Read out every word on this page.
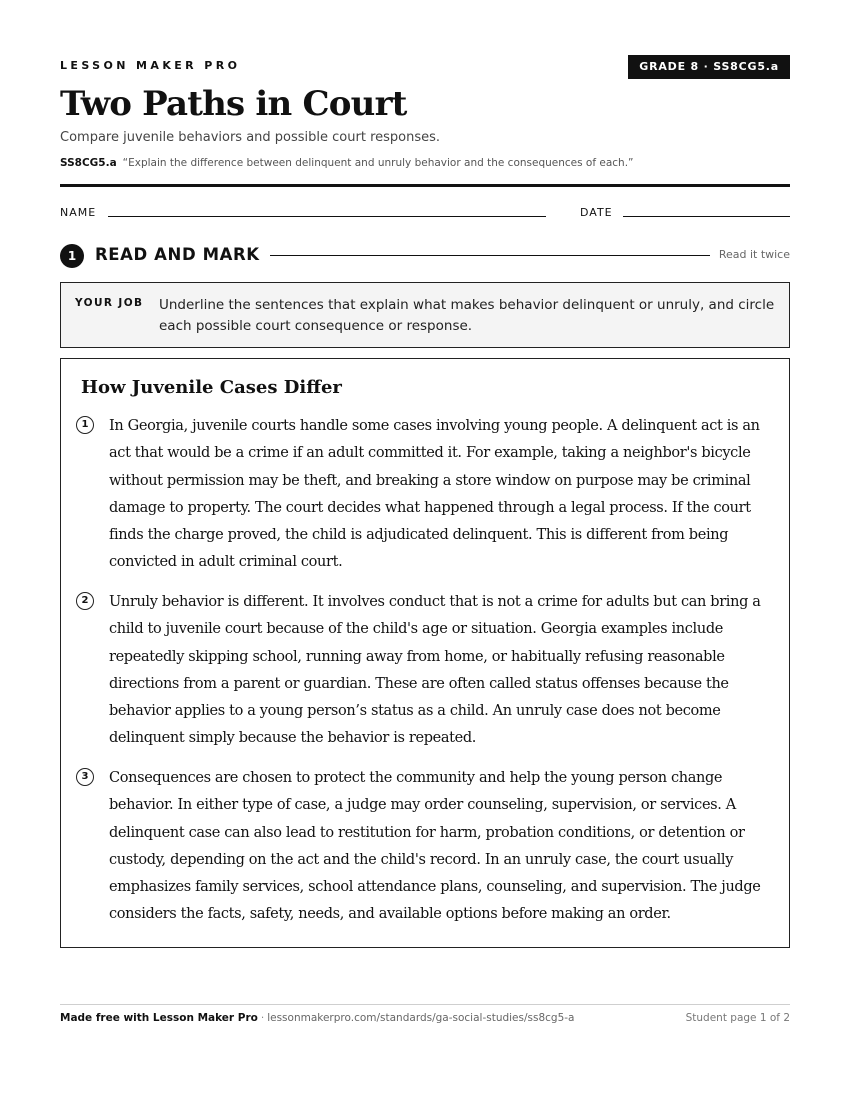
LESSON MAKER PRO	GRADE 8 · SS8CG5.a
Two Paths in Court
Compare juvenile behaviors and possible court responses.
SS8CG5.a “Explain the difference between delinquent and unruly behavior and the consequences of each.”
NAME	DATE
1	READ AND MARK	Read it twice
YOUR JOB Underline the sentences that explain what makes behavior delinquent or unruly, and circle each possible court consequence or response.
How Juvenile Cases Differ
1	In Georgia, juvenile courts handle some cases involving young people. A delinquent act is an act that would be a crime if an adult committed it. For example, taking a neighbor's bicycle without permission may be theft, and breaking a store window on purpose may be criminal damage to property. The court decides what happened through a legal process. If the court finds the charge proved, the child is adjudicated delinquent. This is different from being convicted in adult criminal court.

2	Unruly behavior is different. It involves conduct that is not a crime for adults but can bring a child to juvenile court because of the child's age or situation. Georgia examples include repeatedly skipping school, running away from home, or habitually refusing reasonable directions from a parent or guardian. These are often called status offenses because the behavior applies to a young person’s status as a child. An unruly case does not become delinquent simply because the behavior is repeated.

3	Consequences are chosen to protect the community and help the young person change behavior. In either type of case, a judge may order counseling, supervision, or services. A delinquent case can also lead to restitution for harm, probation conditions, or detention or custody, depending on the act and the child's record. In an unruly case, the court usually emphasizes family services, school attendance plans, counseling, and supervision. The judge considers the facts, safety, needs, and available options before making an order.

Made free with Lesson Maker Pro · lessonmakerpro.com/standards/ga-social-studies/ss8cg5-a	Student page 1 of 2
